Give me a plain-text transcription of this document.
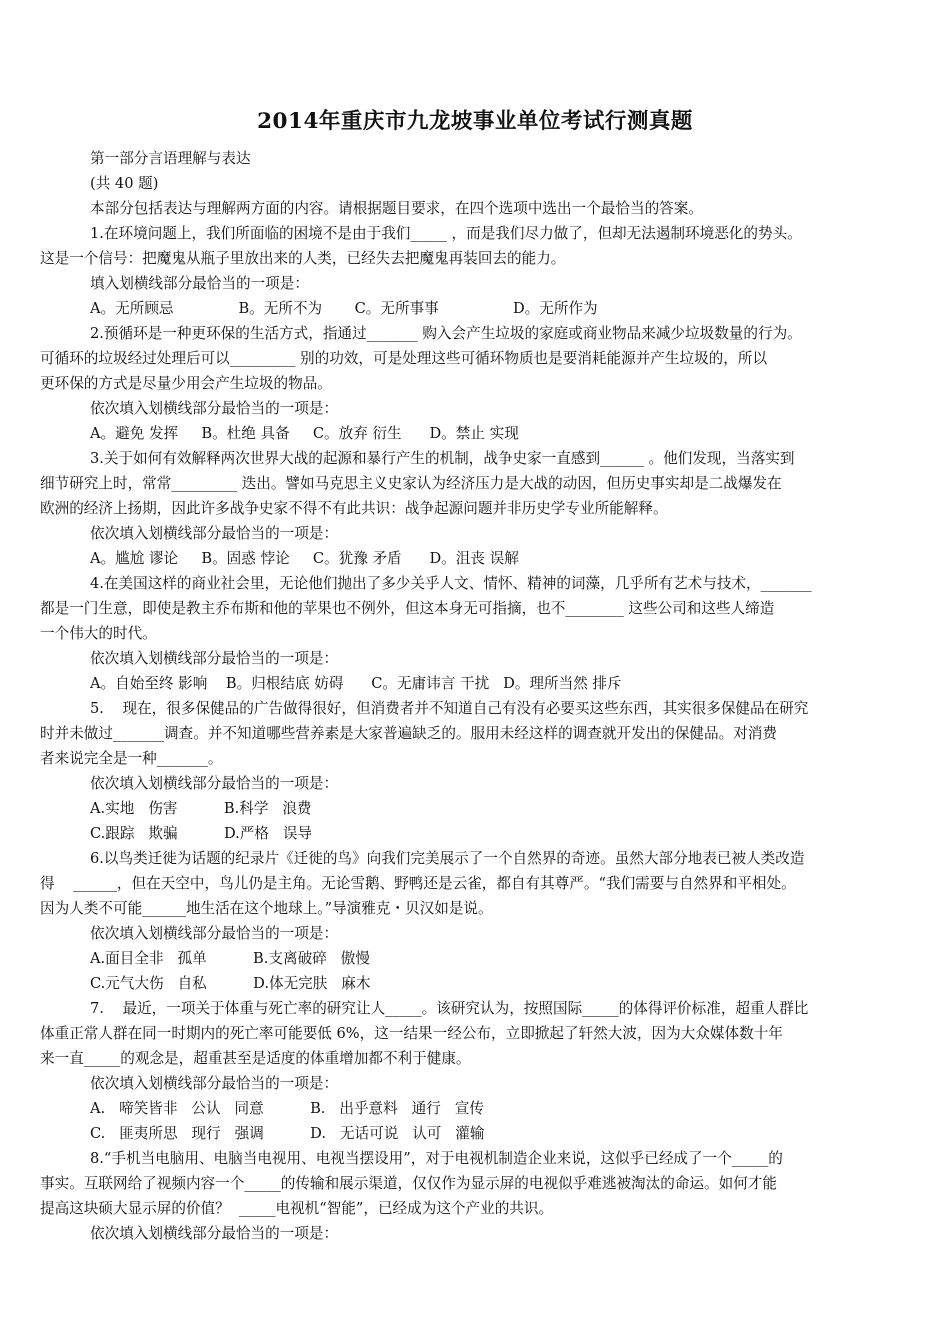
2014年重庆市九龙坡事业单位考试行测真题
第一部分言语理解与表达
(共 40 题)
本部分包括表达与理解两方面的内容。请根据题目要求，在四个选项中选出一个最恰当的答案。
1.在环境问题上，我们所面临的困境不是由于我们_____ ，而是我们尽力做了，但却无法遏制环境恶化的势头。
这是一个信号：把魔鬼从瓶子里放出来的人类，已经失去把魔鬼再装回去的能力。
填入划横线部分最恰当的一项是：
A。无所顾忌              B。无所不为       C。无所事事                D。无所作为
2.预循环是一种更环保的生活方式，指通过_______ 购入会产生垃圾的家庭或商业物品来减少垃圾数量的行为。
可循环的垃圾经过处理后可以_________ 别的功效，可是处理这些可循环物质也是要消耗能源并产生垃圾的，所以
更环保的方式是尽量少用会产生垃圾的物品。
依次填入划横线部分最恰当的一项是：
A。避免 发挥     B。杜绝 具备     C。放弃 衍生      D。禁止 实现
3.关于如何有效解释两次世界大战的起源和暴行产生的机制，战争史家一直感到______ 。他们发现，当落实到
细节研究上时，常常_________ 迭出。譬如马克思主义史家认为经济压力是大战的动因，但历史事实却是二战爆发在
欧洲的经济上扬期，因此许多战争史家不得不有此共识：战争起源问题并非历史学专业所能解释。
依次填入划横线部分最恰当的一项是：
A。尴尬 谬论     B。固惑 悖论     C。犹豫 矛盾      D。沮丧 误解
4.在美国这样的商业社会里，无论他们抛出了多少关乎人文、情怀、精神的词藻，几乎所有艺术与技术，_______
都是一门生意，即使是教主乔布斯和他的苹果也不例外，但这本身无可指摘，也不________ 这些公司和这些人缔造
一个伟大的时代。
依次填入划横线部分最恰当的一项是：
A。自始至终 影响    B。归根结底 妨碍      C。无庸讳言 干扰   D。理所当然 排斥
5.    现在，很多保健品的广告做得很好，但消费者并不知道自己有没有必要买这些东西，其实很多保健品在研究
时并未做过_______调查。并不知道哪些营养素是大家普遍缺乏的。服用未经这样的调查就开发出的保健品。对消费
者来说完全是一种_______。
依次填入划横线部分最恰当的一项是：
A.实地   伤害          B.科学   浪费
C.跟踪   欺骗          D.严格   误导
6.以鸟类迁徙为话题的纪录片《迁徙的鸟》向我们完美展示了一个自然界的奇迹。虽然大部分地表已被人类改造
得    ______，但在天空中，鸟儿仍是主角。无论雪鹅、野鸭还是云雀，都自有其尊严。“我们需要与自然界和平相处。
因为人类不可能______地生活在这个地球上。”导演雅克・贝汉如是说。
依次填入划横线部分最恰当的一项是：
A.面目全非   孤单          B.支离破碎   傲慢
C.元气大伤   自私          D.体无完肤   麻木
7.    最近，一项关于体重与死亡率的研究让人_____。该研究认为，按照国际_____的体得评价标准，超重人群比
体重正常人群在同一时期内的死亡率可能要低 6%，这一结果一经公布，立即掀起了轩然大波，因为大众媒体数十年
来一直_____的观念是，超重甚至是适度的体重增加都不利于健康。
依次填入划横线部分最恰当的一项是：
A.   啼笑皆非   公认   同意          B.   出乎意料   通行   宣传
C.   匪夷所思   现行   强调          D.   无话可说   认可   灌输
8.“手机当电脑用、电脑当电视用、电视当摆设用”，对于电视机制造企业来说，这似乎已经成了一个_____的
事实。互联网给了视频内容一个_____的传输和展示渠道，仅仅作为显示屏的电视似乎难逃被淘汰的命运。如何才能
提高这块硕大显示屏的价值？  _____电视机“智能”，已经成为这个产业的共识。
依次填入划横线部分最恰当的一项是：
